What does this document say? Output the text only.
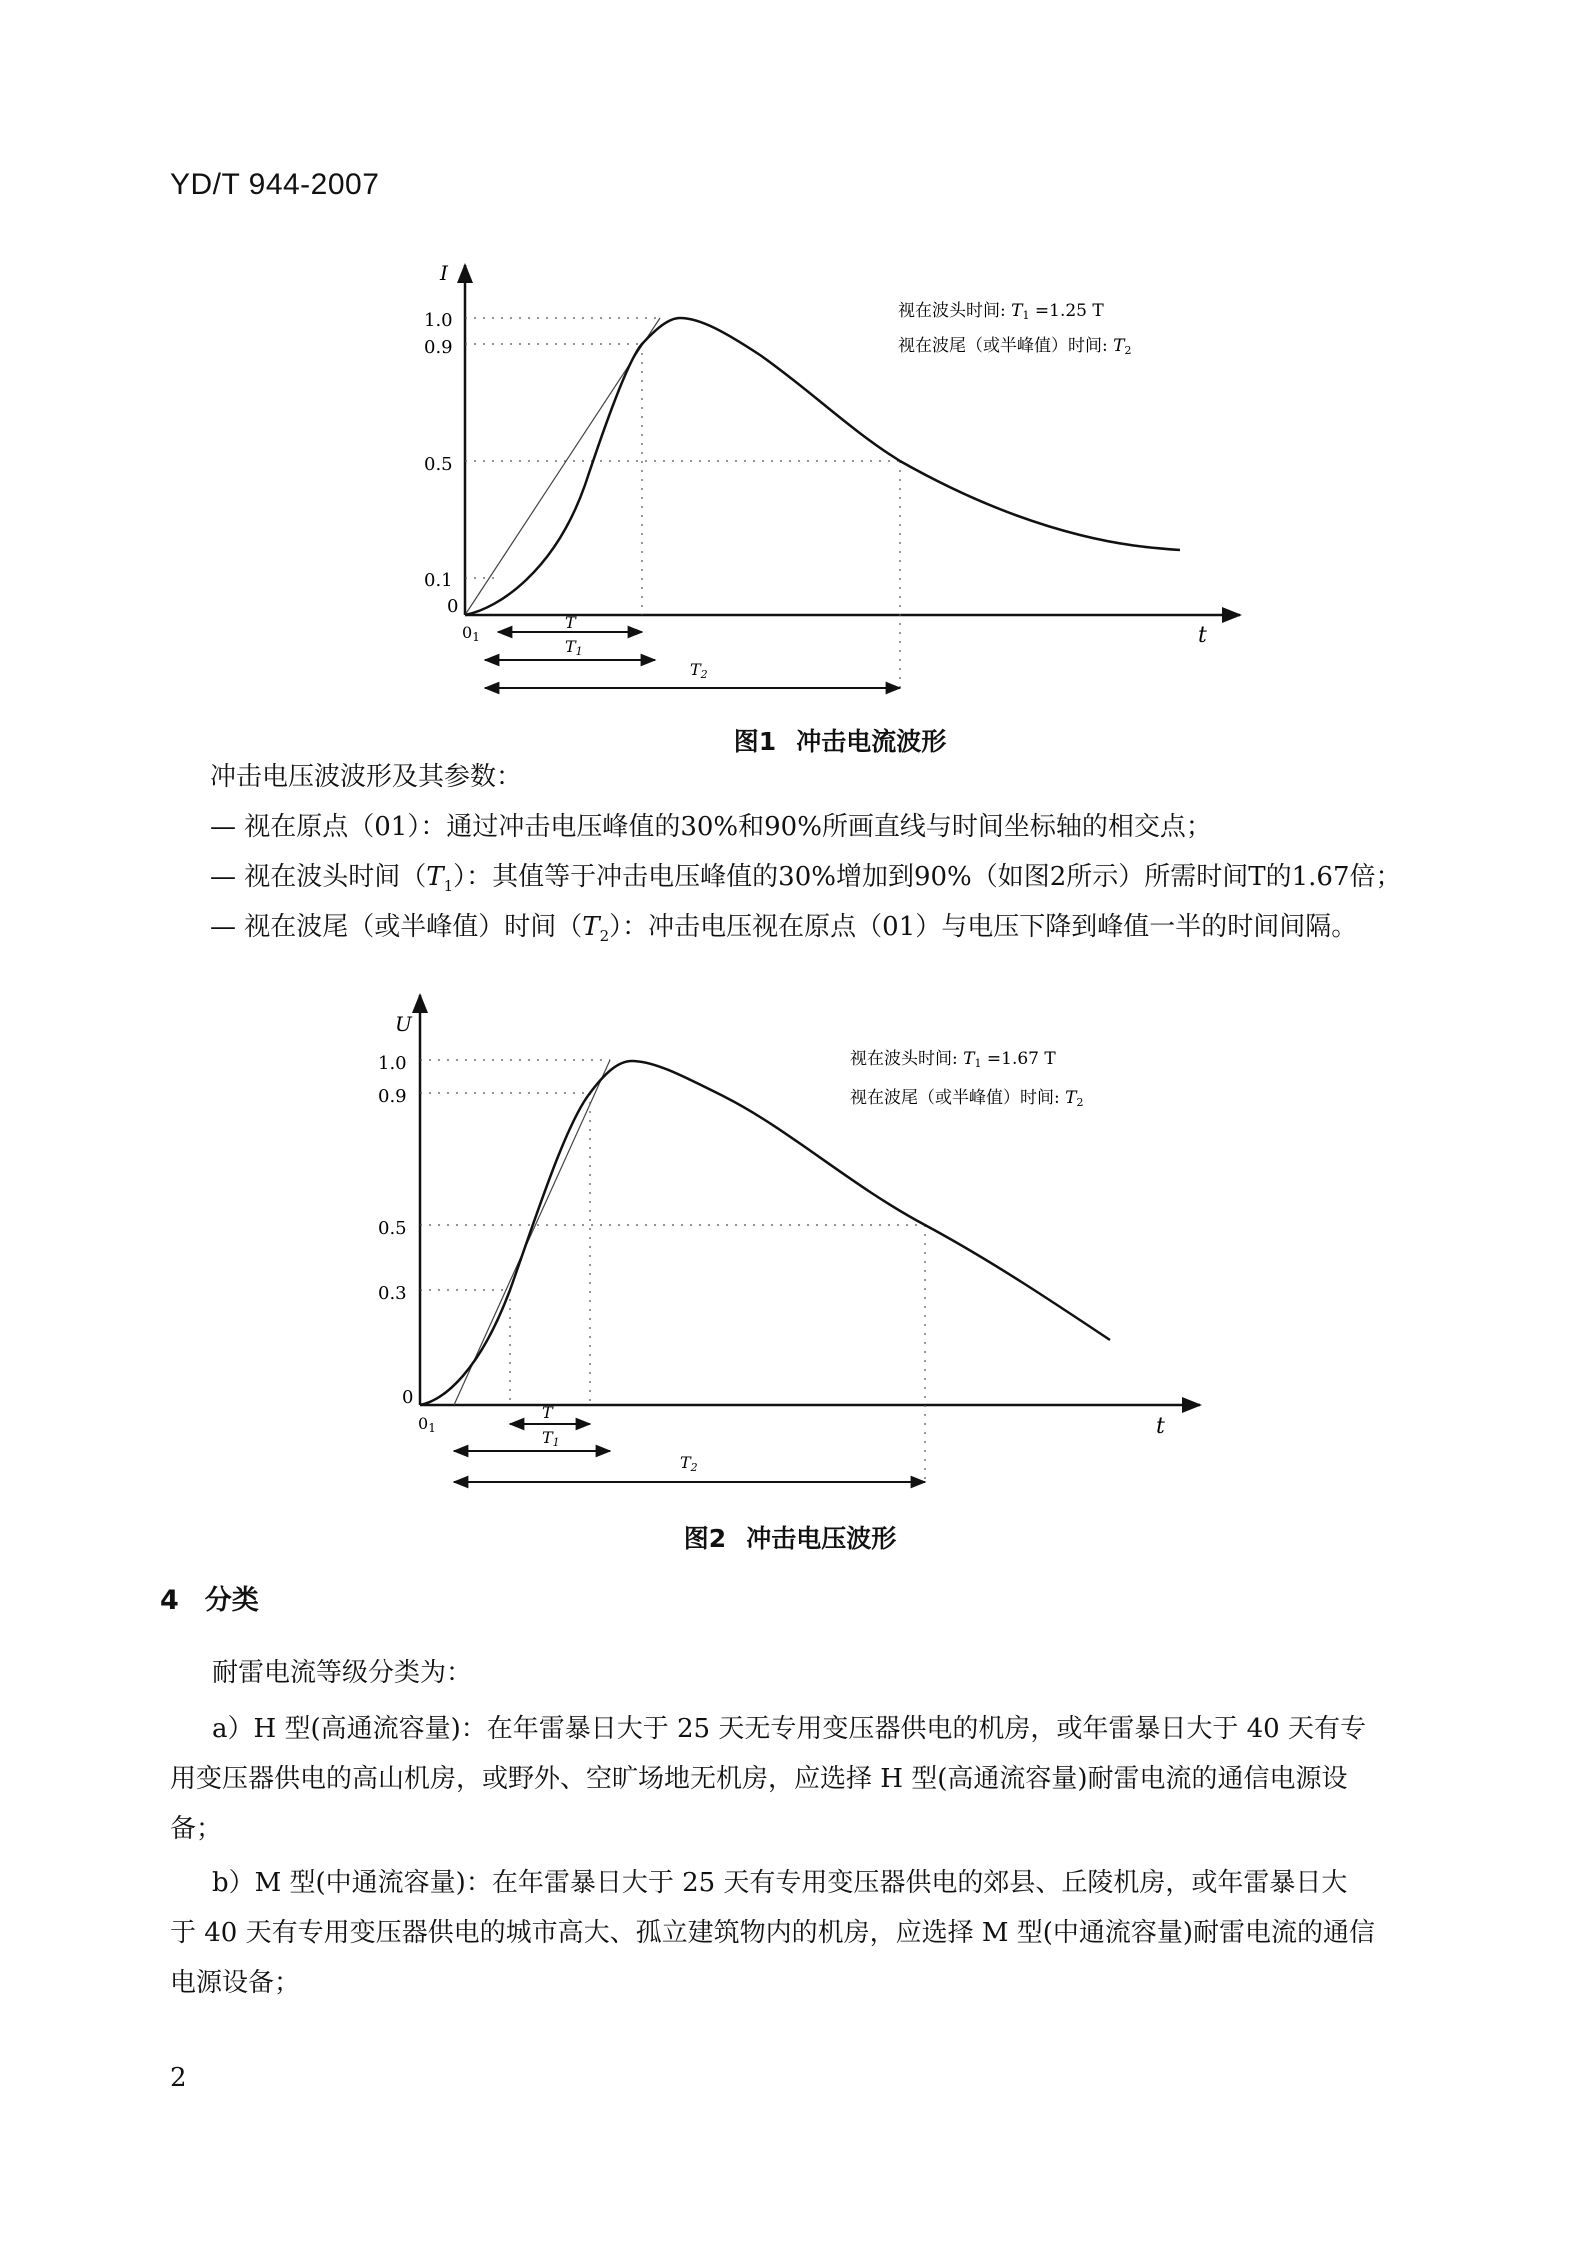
YD/T 944-2007
I
t
1.0
0.9
0.5
0.1
0
01
T
T1
T2
视在波头时间: T1 =1.25 T
视在波尾（或半峰值）时间: T2
图1 冲击电流波形
冲击电压波波形及其参数：
— 视在原点（01）：通过冲击电压峰值的30%和90%所画直线与时间坐标轴的相交点；
— 视在波头时间$(T_1)$：其值等于冲击电压峰值的30%增加到90%（如图2所示）所需时间T的1.67倍；
— 视在波尾（或半峰值）时间$(T_2)$：冲击电压视在原点（01）与电压下降到峰值一半的时间间隔。
U
t
1.0
0.9
0.5
0.3
0
01
T
T1
T2
视在波头时间: T1 =1.67 T
视在波尾（或半峰值）时间: T2
图2 冲击电压波形
4 分类
耐雷电流等级分类为：
a）H 型(高通流容量)：在年雷暴日大于 25 天无专用变压器供电的机房，或年雷暴日大于 40 天有专
用变压器供电的高山机房，或野外、空旷场地无机房，应选择 H 型(高通流容量)耐雷电流的通信电源设
备；
b）M 型(中通流容量)：在年雷暴日大于 25 天有专用变压器供电的郊县、丘陵机房，或年雷暴日大
于 40 天有专用变压器供电的城市高大、孤立建筑物内的机房，应选择 M 型(中通流容量)耐雷电流的通信
电源设备；
2
